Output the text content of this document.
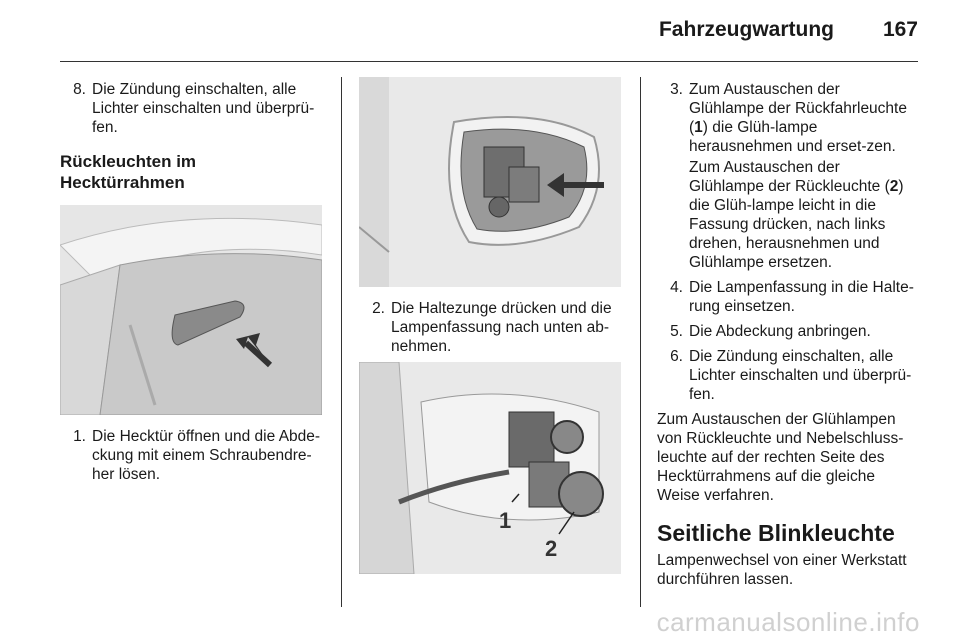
Fahrzeugwartung 167
8. Die Zündung einschalten, alle Lichter einschalten und überprü-fen.
Rückleuchten im Hecktürrahmen
1. Die Hecktür öffnen und die Abde-ckung mit einem Schraubendre-her lösen.
2. Die Haltezunge drücken und die Lampenfassung nach unten ab-nehmen.
1
2
3. Zum Austauschen der Glühlampe der Rückfahrleuchte (1) die Glüh-lampe herausnehmen und erset-zen.
Zum Austauschen der Glühlampe der Rückleuchte (2) die Glüh-lampe leicht in die Fassung drücken, nach links drehen, herausnehmen und Glühlampe ersetzen.
4. Die Lampenfassung in die Halte-rung einsetzen.
5. Die Abdeckung anbringen.
6. Die Zündung einschalten, alle Lichter einschalten und überprü-fen.
Zum Austauschen der Glühlampen von Rückleuchte und Nebelschluss-leuchte auf der rechten Seite des Hecktürrahmens auf die gleiche Weise verfahren.
Seitliche Blinkleuchte
Lampenwechsel von einer Werkstatt durchführen lassen.
carmanualsonline.info
